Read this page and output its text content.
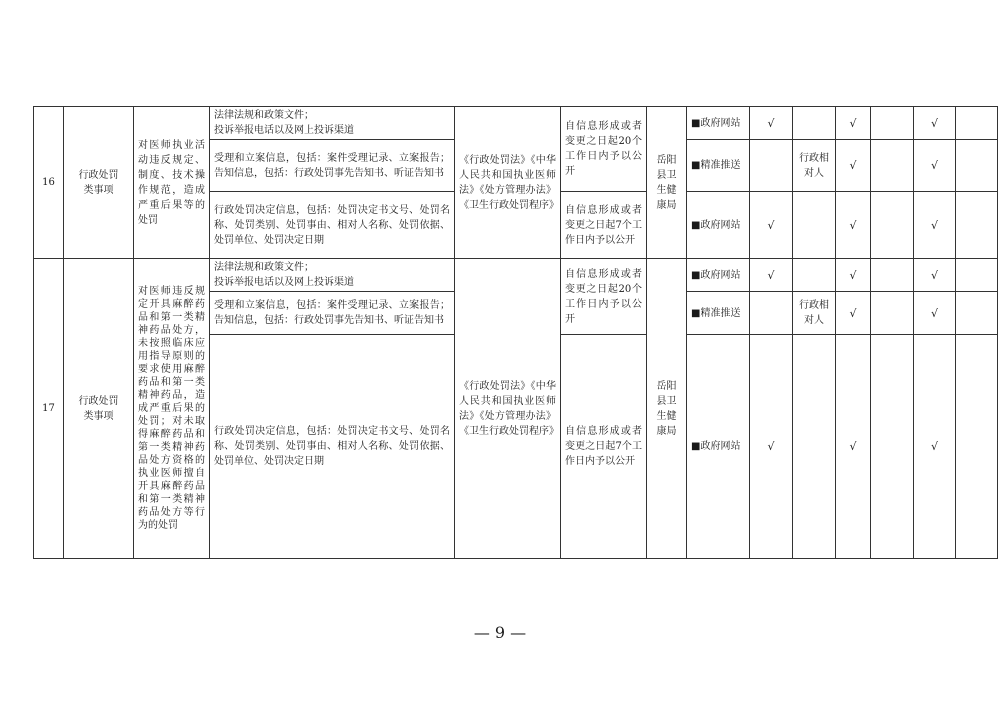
16	行政处罚类事项	对医师执业活动违反规定、制度、技术操作规范，造成严重后果等的处罚	法律法规和政策文件；
投诉举报电话以及网上投诉渠道	《行政处罚法》《中华人民共和国执业医师法》《处方管理办法》《卫生行政处罚程序》	自信息形成或者变更之日起20个工作日内予以公开	岳阳县卫生健康局	■政府网站	√		√		√	
			受理和立案信息，包括：案件受理记录、立案报告；告知信息，包括：行政处罚事先告知书、听证告知书				■精准推送		行政相对人	√		√	

			行政处罚决定信息，包括：处罚决定书文号、处罚名称、处罚类别、处罚事由、相对人名称、处罚依据、处罚单位、处罚决定日期		自信息形成或者变更之日起7个工作日内予以公开		■政府网站	√		√		√	
17	行政处罚类事项	对医师违反规定开具麻醉药品和第一类精神药品处方，未按照临床应用指导原则的要求使用麻醉药品和第一类精神药品，造成严重后果的处罚；对未取得麻醉药品和第一类精神药品处方资格的执业医师擅自开具麻醉药品和第一类精神药品处方等行为的处罚	法律法规和政策文件；
投诉举报电话以及网上投诉渠道	《行政处罚法》《中华人民共和国执业医师法》《处方管理办法》《卫生行政处罚程序》	自信息形成或者变更之日起20个工作日内予以公开	岳阳县卫生健康局	■政府网站	√		√		√	
			受理和立案信息，包括：案件受理记录、立案报告；告知信息，包括：行政处罚事先告知书、听证告知书				■精准推送		行政相对人	√		√	

			行政处罚决定信息，包括：处罚决定书文号、处罚名称、处罚类别、处罚事由、相对人名称、处罚依据、处罚单位、处罚决定日期		自信息形成或者变更之日起7个工作日内予以公开		■政府网站	√		√		√	
— 9 —
